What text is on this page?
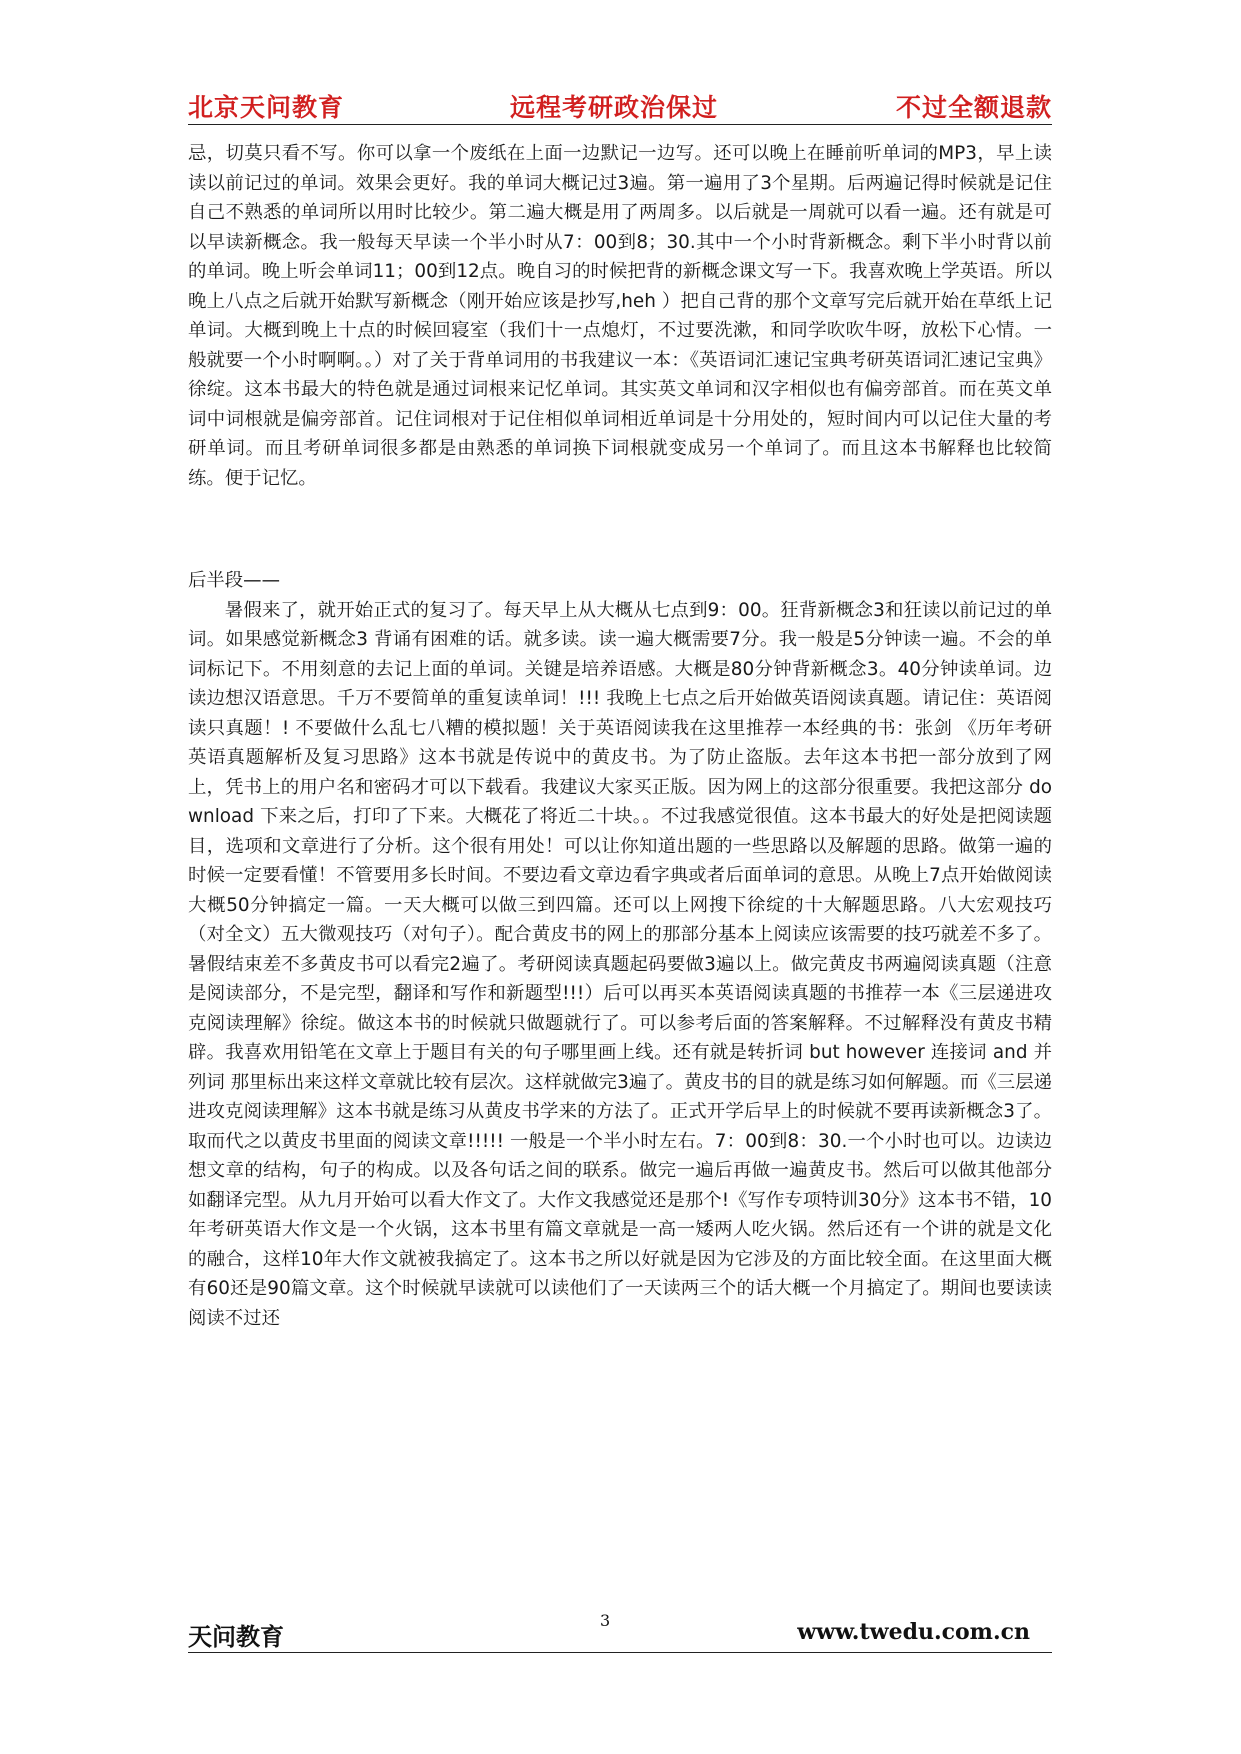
北京天问教育	远程考研政治保过	不过全额退款

忌，切莫只看不写。你可以拿一个废纸在上面一边默记一边写。还可以晚上在睡前听单词的MP3，早上读读以前记过的单词。效果会更好。我的单词大概记过3遍。第一遍用了3个星期。后两遍记得时候就是记住自己不熟悉的单词所以用时比较少。第二遍大概是用了两周多。以后就是一周就可以看一遍。还有就是可以早读新概念。我一般每天早读一个半小时从7：00到8；30.其中一个小时背新概念。剩下半小时背以前的单词。晚上听会单词11；00到12点。晚自习的时候把背的新概念课文写一下。我喜欢晚上学英语。所以晚上八点之后就开始默写新概念（刚开始应该是抄写,heh ）把自己背的那个文章写完后就开始在草纸上记单词。大概到晚上十点的时候回寝室（我们十一点熄灯，不过要洗漱，和同学吹吹牛呀，放松下心情。一般就要一个小时啊啊。。）对了关于背单词用的书我建议一本：《英语词汇速记宝典考研英语词汇速记宝典》徐绽。这本书最大的特色就是通过词根来记忆单词。其实英文单词和汉字相似也有偏旁部首。而在英文单词中词根就是偏旁部首。记住词根对于记住相似单词相近单词是十分用处的，短时间内可以记住大量的考研单词。而且考研单词很多都是由熟悉的单词换下词根就变成另一个单词了。而且这本书解释也比较简练。便于记忆。

后半段——

暑假来了，就开始正式的复习了。每天早上从大概从七点到9：00。狂背新概念3和狂读以前记过的单词。如果感觉新概念3 背诵有困难的话。就多读。读一遍大概需要7分。我一般是5分钟读一遍。不会的单词标记下。不用刻意的去记上面的单词。关键是培养语感。大概是80分钟背新概念3。40分钟读单词。边读边想汉语意思。千万不要简单的重复读单词！!!! 我晚上七点之后开始做英语阅读真题。请记住：英语阅读只真题！! 不要做什么乱七八糟的模拟题！关于英语阅读我在这里推荐一本经典的书：张剑 《历年考研英语真题解析及复习思路》这本书就是传说中的黄皮书。为了防止盗版。去年这本书把一部分放到了网上，凭书上的用户名和密码才可以下载看。我建议大家买正版。因为网上的这部分很重要。我把这部分 download 下来之后，打印了下来。大概花了将近二十块。。不过我感觉很值。这本书最大的好处是把阅读题目，选项和文章进行了分析。这个很有用处！可以让你知道出题的一些思路以及解题的思路。做第一遍的时候一定要看懂！不管要用多长时间。不要边看文章边看字典或者后面单词的意思。从晚上7点开始做阅读大概50分钟搞定一篇。一天大概可以做三到四篇。还可以上网搜下徐绽的十大解题思路。八大宏观技巧（对全文）五大微观技巧（对句子）。配合黄皮书的网上的那部分基本上阅读应该需要的技巧就差不多了。暑假结束差不多黄皮书可以看完2遍了。考研阅读真题起码要做3遍以上。做完黄皮书两遍阅读真题（注意是阅读部分，不是完型，翻译和写作和新题型!!!）后可以再买本英语阅读真题的书推荐一本《三层递进攻克阅读理解》徐绽。做这本书的时候就只做题就行了。可以参考后面的答案解释。不过解释没有黄皮书精辟。我喜欢用铅笔在文章上于题目有关的句子哪里画上线。还有就是转折词 but however 连接词 and 并列词 那里标出来这样文章就比较有层次。这样就做完3遍了。黄皮书的目的就是练习如何解题。而《三层递进攻克阅读理解》这本书就是练习从黄皮书学来的方法了。正式开学后早上的时候就不要再读新概念3了。取而代之以黄皮书里面的阅读文章!!!!! 一般是一个半小时左右。7：00到8：30.一个小时也可以。边读边想文章的结构，句子的构成。以及各句话之间的联系。做完一遍后再做一遍黄皮书。然后可以做其他部分如翻译完型。从九月开始可以看大作文了。大作文我感觉还是那个!《写作专项特训30分》这本书不错，10年考研英语大作文是一个火锅，这本书里有篇文章就是一高一矮两人吃火锅。然后还有一个讲的就是文化的融合，这样10年大作文就被我搞定了。这本书之所以好就是因为它涉及的方面比较全面。在这里面大概有60还是90篇文章。这个时候就早读就可以读他们了一天读两三个的话大概一个月搞定了。期间也要读读阅读不过还

天问教育
3	www.twedu.com.cn
